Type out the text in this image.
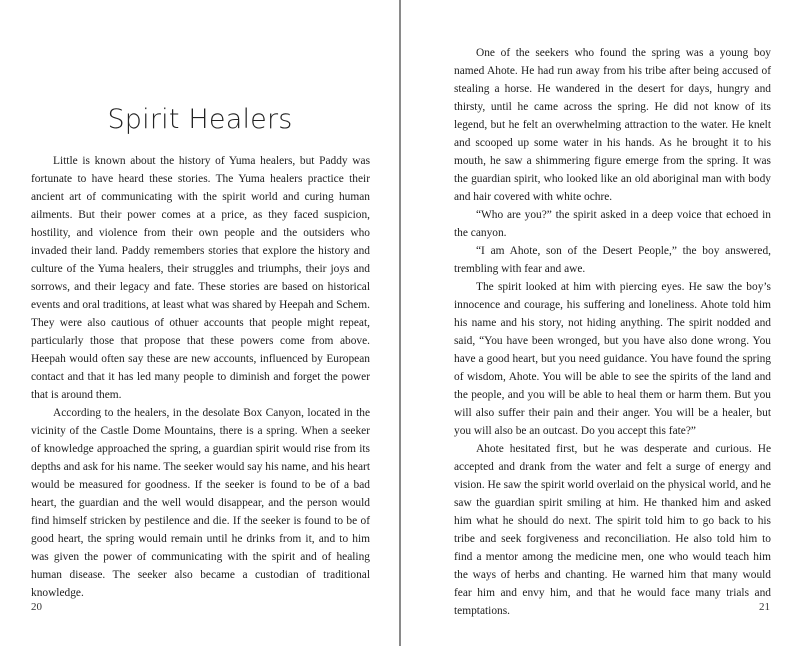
Spirit Healers

Little is known about the history of Yuma healers, but Paddy was fortunate to have heard these stories. The Yuma healers practice their ancient art of communicating with the spirit world and curing human ailments. But their power comes at a price, as they faced suspicion, hostility, and violence from their own people and the outsiders who invaded their land. Paddy remembers stories that explore the history and culture of the Yuma healers, their struggles and triumphs, their joys and sorrows, and their legacy and fate. These stories are based on historical events and oral traditions, at least what was shared by Heepah and Schem. They were also cautious of othuer accounts that people might repeat, particularly those that propose that these powers come from above. Heepah would often say these are new accounts, influenced by European contact and that it has led many people to diminish and forget the power that is around them.

According to the healers, in the desolate Box Canyon, located in the vicinity of the Castle Dome Mountains, there is a spring. When a seeker of knowledge approached the spring, a guardian spirit would rise from its depths and ask for his name. The seeker would say his name, and his heart would be measured for goodness. If the seeker is found to be of a bad heart, the guardian and the well would disappear, and the person would find himself stricken by pestilence and die. If the seeker is found to be of good heart, the spring would remain until he drinks from it, and to him was given the power of communicating with the spirit and of healing human disease. The seeker also became a custodian of traditional knowledge.

20

One of the seekers who found the spring was a young boy named Ahote. He had run away from his tribe after being accused of stealing a horse. He wandered in the desert for days, hungry and thirsty, until he came across the spring. He did not know of its legend, but he felt an overwhelming attraction to the water. He knelt and scooped up some water in his hands. As he brought it to his mouth, he saw a shimmering figure emerge from the spring. It was the guardian spirit, who looked like an old aboriginal man with body and hair covered with white ochre.

“Who are you?” the spirit asked in a deep voice that echoed in the canyon.

“I am Ahote, son of the Desert People,” the boy answered, trembling with fear and awe.

The spirit looked at him with piercing eyes. He saw the boy’s innocence and courage, his suffering and loneliness. Ahote told him his name and his story, not hiding anything. The spirit nodded and said, “You have been wronged, but you have also done wrong. You have a good heart, but you need guidance. You have found the spring of wisdom, Ahote. You will be able to see the spirits of the land and the people, and you will be able to heal them or harm them. But you will also suffer their pain and their anger. You will be a healer, but you will also be an outcast. Do you accept this fate?”

Ahote hesitated first, but he was desperate and curious. He accepted and drank from the water and felt a surge of energy and vision. He saw the spirit world overlaid on the physical world, and he saw the guardian spirit smiling at him. He thanked him and asked him what he should do next. The spirit told him to go back to his tribe and seek forgiveness and reconciliation. He also told him to find a mentor among the medicine men, one who would teach him the ways of herbs and chanting. He warned him that many would fear him and envy him, and that he would face many trials and temptations.	21
